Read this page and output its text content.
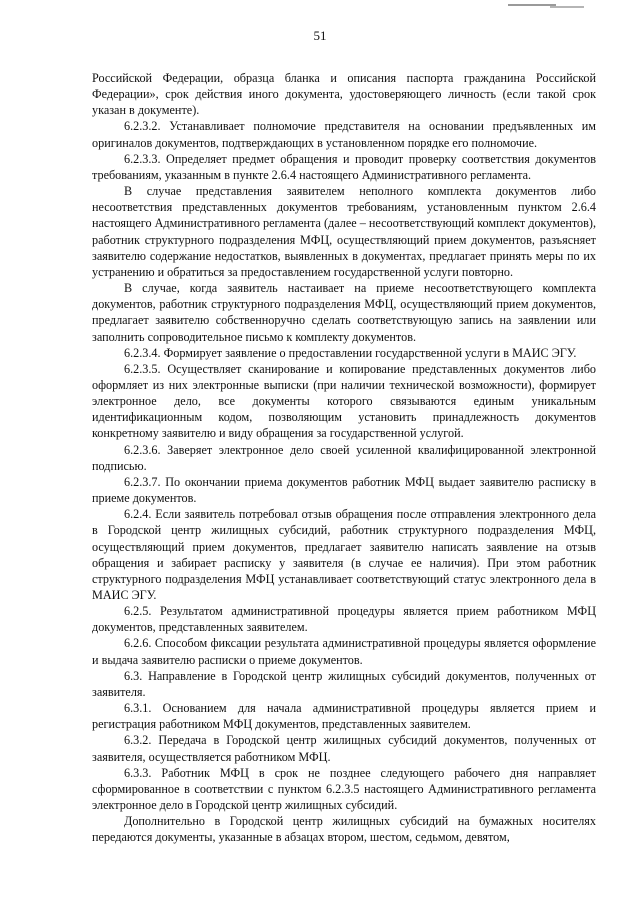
51

Российской Федерации, образца бланка и описания паспорта гражданина Российской Федерации», срок действия иного документа, удостоверяющего личность (если такой срок указан в документе).

6.2.3.2. Устанавливает полномочие представителя на основании предъявленных им оригиналов документов, подтверждающих в установленном порядке его полномочие.

6.2.3.3. Определяет предмет обращения и проводит проверку соответствия документов требованиям, указанным в пункте 2.6.4 настоящего Административного регламента.

В случае представления заявителем неполного комплекта документов либо несоответствия представленных документов требованиям, установленным пунктом 2.6.4 настоящего Административного регламента (далее – несоответствующий комплект документов), работник структурного подразделения МФЦ, осуществляющий прием документов, разъясняет заявителю содержание недостатков, выявленных в документах, предлагает принять меры по их устранению и обратиться за предоставлением государственной услуги повторно.

В случае, когда заявитель настаивает на приеме несоответствующего комплекта документов, работник структурного подразделения МФЦ, осуществляющий прием документов, предлагает заявителю собственноручно сделать соответствующую запись на заявлении или заполнить сопроводительное письмо к комплекту документов.

6.2.3.4. Формирует заявление о предоставлении государственной услуги в МАИС ЭГУ.

6.2.3.5. Осуществляет сканирование и копирование представленных документов либо оформляет из них электронные выписки (при наличии технической возможности), формирует электронное дело, все документы которого связываются единым уникальным идентификационным кодом, позволяющим установить принадлежность документов конкретному заявителю и виду обращения за государственной услугой.

6.2.3.6. Заверяет электронное дело своей усиленной квалифицированной электронной подписью.

6.2.3.7. По окончании приема документов работник МФЦ выдает заявителю расписку в приеме документов.

6.2.4. Если заявитель потребовал отзыв обращения после отправления электронного дела в Городской центр жилищных субсидий, работник структурного подразделения МФЦ, осуществляющий прием документов, предлагает заявителю написать заявление на отзыв обращения и забирает расписку у заявителя (в случае ее наличия). При этом работник структурного подразделения МФЦ устанавливает соответствующий статус электронного дела в МАИС ЭГУ.

6.2.5. Результатом административной процедуры является прием работником МФЦ документов, представленных заявителем.

6.2.6. Способом фиксации результата административной процедуры является оформление и выдача заявителю расписки о приеме документов.

6.3. Направление в Городской центр жилищных субсидий документов, полученных от заявителя.

6.3.1. Основанием для начала административной процедуры является прием и регистрация работником МФЦ документов, представленных заявителем.

6.3.2. Передача в Городской центр жилищных субсидий документов, полученных от заявителя, осуществляется работником МФЦ.

6.3.3. Работник МФЦ в срок не позднее следующего рабочего дня направляет сформированное в соответствии с пунктом 6.2.3.5 настоящего Административного регламента электронное дело в Городской центр жилищных субсидий.

Дополнительно в Городской центр жилищных субсидий на бумажных носителях передаются документы, указанные в абзацах втором, шестом, седьмом, девятом,
